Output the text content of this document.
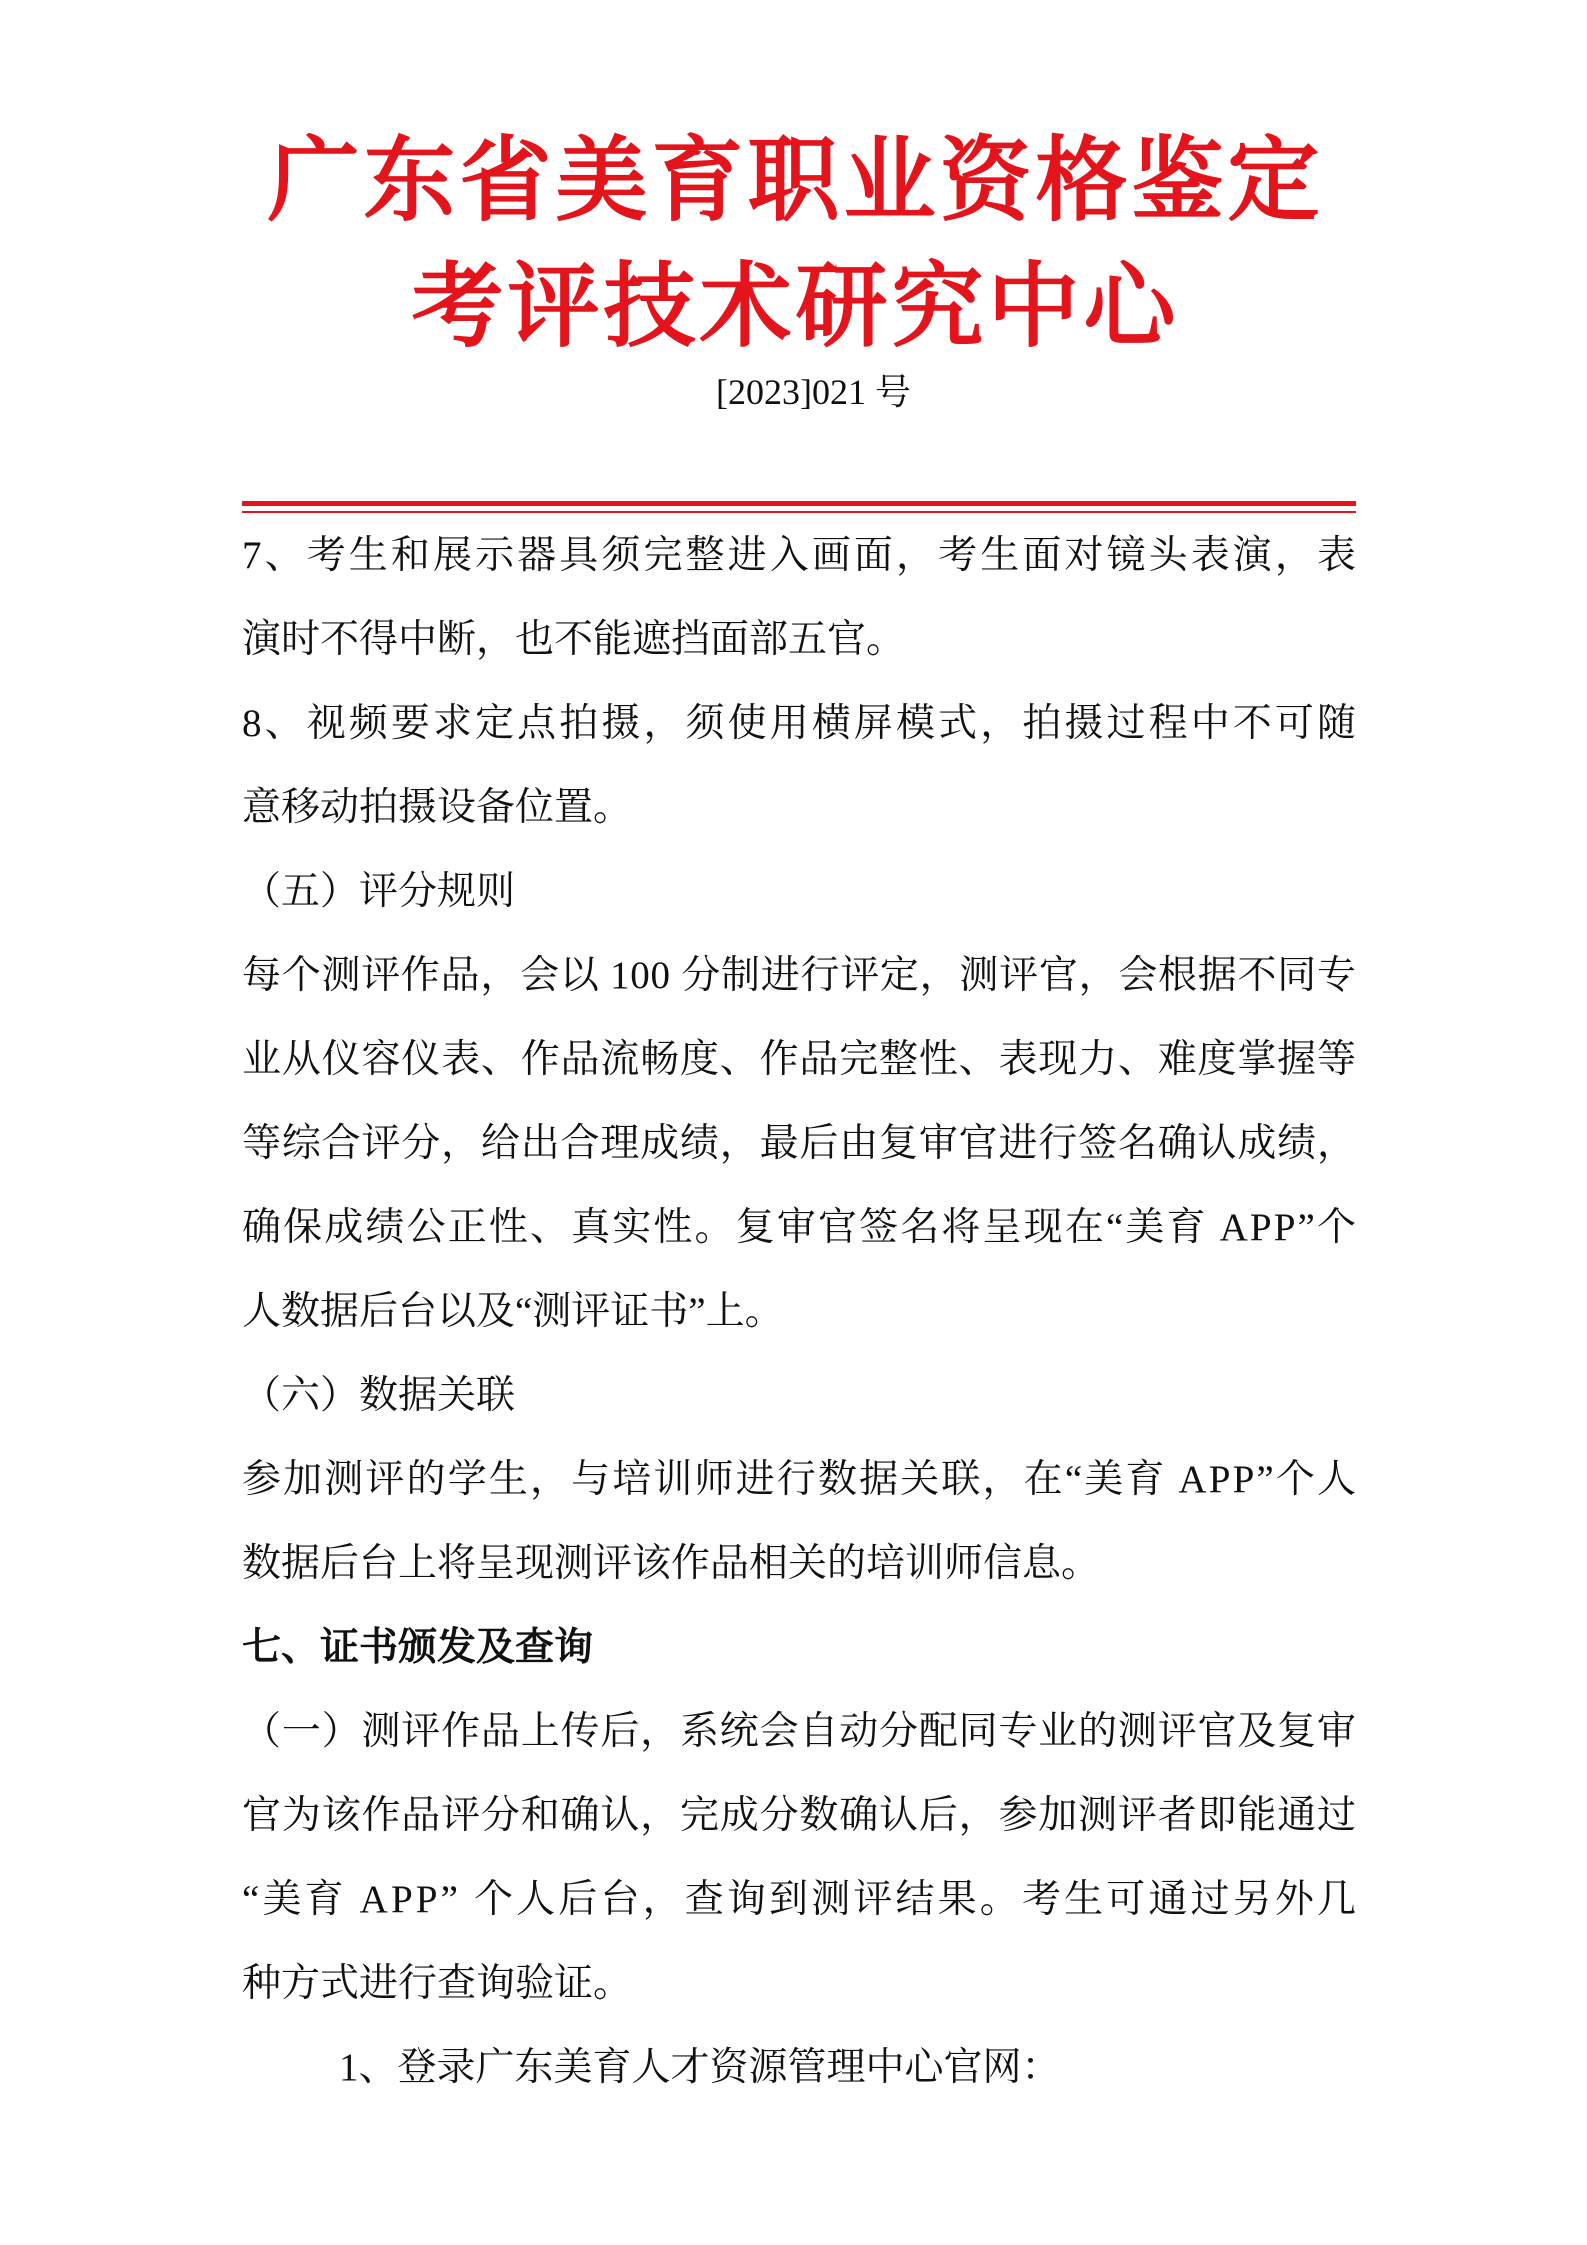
广东省美育职业资格鉴定
考评技术研究中心
[2023]021 号
7、考生和展示器具须完整进入画面，考生面对镜头表演，表
演时不得中断，也不能遮挡面部五官。
8、视频要求定点拍摄，须使用横屏模式，拍摄过程中不可随
意移动拍摄设备位置。
（五）评分规则
每个测评作品，会以 100 分制进行评定，测评官，会根据不同专
业从仪容仪表、作品流畅度、作品完整性、表现力、难度掌握等
等综合评分，给出合理成绩，最后由复审官进行签名确认成绩，
确保成绩公正性、真实性。复审官签名将呈现在“美育 APP”个
人数据后台以及“测评证书”上。
（六）数据关联
参加测评的学生，与培训师进行数据关联，在“美育 APP”个人
数据后台上将呈现测评该作品相关的培训师信息。
七、证书颁发及查询
（一）测评作品上传后，系统会自动分配同专业的测评官及复审
官为该作品评分和确认，完成分数确认后，参加测评者即能通过
“美育 APP” 个人后台，查询到测评结果。考生可通过另外几
种方式进行查询验证。
1、登录广东美育人才资源管理中心官网：
